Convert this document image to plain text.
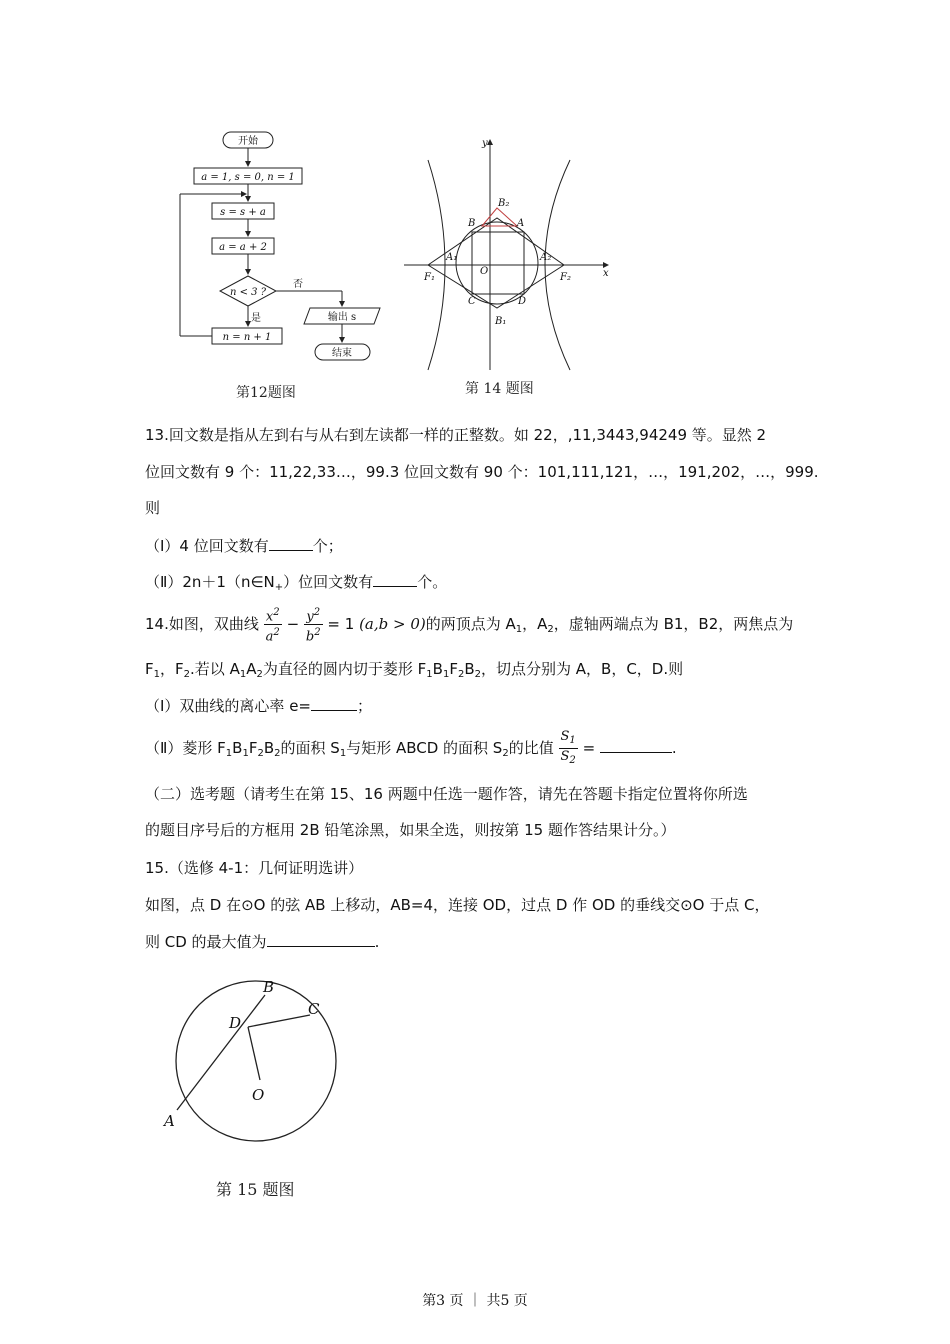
开始
a = 1, s = 0, n = 1
s = s + a
a = a + 2
n < 3 ?
否
是	输出 s
n = n + 1
结束
第12题图
y
x
B₂
B	A
A₁
O
A₂
F₁	F₂
C	D
B₁
第 14 题图
13.回文数是指从左到右与从右到左读都一样的正整数。如 22，,11,3443,94249 等。显然 2
位回文数有 9 个：11,22,33…，99.3 位回文数有 90 个：101,111,121，…，191,202，…，999.
则
（Ⅰ）4 位回文数有	个；
$(Ⅱ)2n+1(n\in N_+)$位回文数有	个。
14.如图，双曲线 $\frac{x^2}{a^2} - \frac{y^2}{b^2} = 1$ (a,b > 0)的两顶点为 $A_1$，$A_2$，虚轴两端点为 B1，B2，两焦点为
$F_1$，$F_2$.若以 $A_1A_2$为直径的圆内切于菱形 $F_1B_1F_2B_2$，切点分别为 A，B，C，D.则
（Ⅰ）双曲线的离心率 e=	；
（Ⅱ）菱形 $F_1B_1F_2B_2$的面积 $S_1$与矩形 ABCD 的面积 $S_2$的比值 $\frac{S_1}{S_2}$ =	.
（二）选考题（请考生在第 15、16 两题中任选一题作答，请先在答题卡指定位置将你所选
的题目序号后的方框用 2B 铅笔涂黑，如果全选，则按第 15 题作答结果计分。）
15.（选修 4-1：几何证明选讲）
如图，点 D 在⊙O 的弦 AB 上移动，AB=4，连接 OD，过点 D 作 OD 的垂线交⊙O 于点 C，
则 CD 的最大值为	.
B
C
D
O
A
第 15 题图
第3 页 ｜ 共5 页
